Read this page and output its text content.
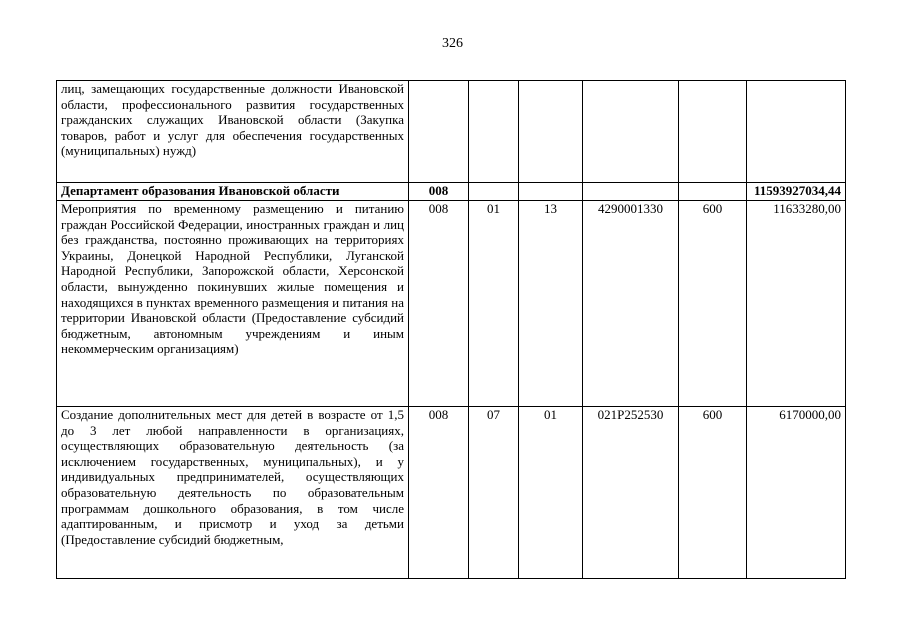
326
лиц, замещающих государственные должности Ивановской области, профессионального развития государственных гражданских служащих Ивановской области (Закупка товаров, работ и услуг для обеспечения государственных (муниципальных) нужд)						
Департамент образования Ивановской области	008					11593927034,44
Мероприятия по временному размещению и питанию граждан Российской Федерации, иностранных граждан и лиц без гражданства, постоянно проживающих на территориях Украины, Донецкой Народной Республики, Луганской Народной Республики, Запорожской области, Херсонской области, вынужденно покинувших жилые помещения и находящихся в пунктах временного размещения и питания на территории Ивановской области (Предоставление субсидий бюджетным, автономным учреждениям и иным некоммерческим организациям)	008	01	13	4290001330	600	11633280,00
Создание дополнительных мест для детей в возрасте от 1,5 до 3 лет любой направленности в организациях, осуществляющих образовательную деятельность (за исключением государственных, муниципальных), и у индивидуальных предпринимателей, осуществляющих образовательную деятельность по образовательным программам дошкольного образования, в том числе адаптированным, и присмотр и уход за детьми (Предоставление субсидий бюджетным,	008	07	01	021Р252530	600	6170000,00
